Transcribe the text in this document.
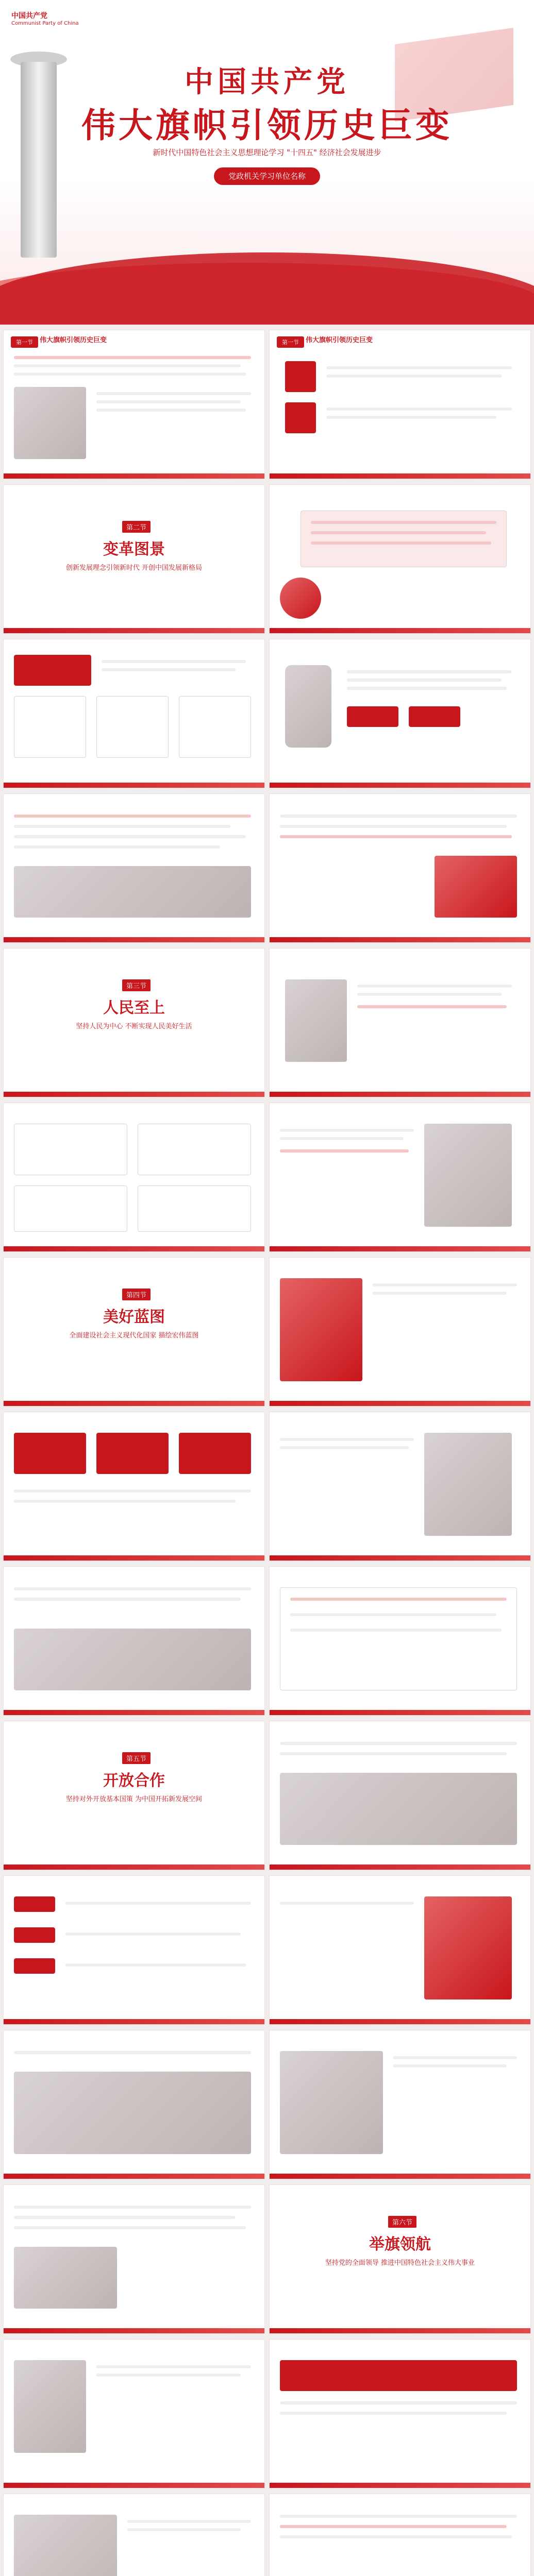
中国共产党
Communist Party of China
中国共产党
伟大旗帜引领历史巨变
新时代中国特色社会主义思想理论学习 "十四五" 经济社会发展进步
党政机关学习单位名称
第一节	伟大旗帜引领历史巨变	第一节	伟大旗帜引领历史巨变
第二节
变革图景
创新发展理念引领新时代 开创中国发展新格局
第三节
人民至上
坚持人民为中心 不断实现人民美好生活
第四节
美好蓝图
全面建设社会主义现代化国家 描绘宏伟蓝图
第五节
开放合作
坚持对外开放基本国策 为中国开拓新发展空间
第六节
举旗领航
坚持党的全面领导 推进中国特色社会主义伟大事业
